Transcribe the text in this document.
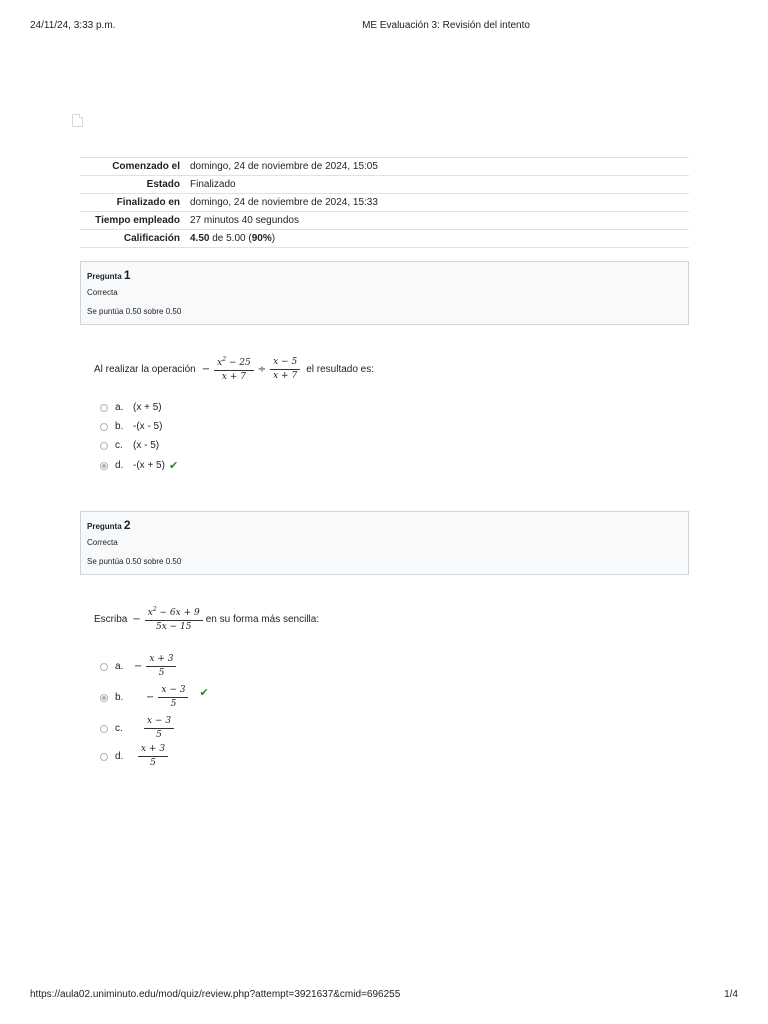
24/11/24, 3:33 p.m.	ME Evaluación 3: Revisión del intento
Comenzado el	domingo, 24 de noviembre de 2024, 15:05
Estado	Finalizado
Finalizado en	domingo, 24 de noviembre de 2024, 15:33
Tiempo empleado	27 minutos 40 segundos
Calificación	4.50 de 5.00 (90%)
Pregunta 1
Correcta
Se puntúa 0.50 sobre 0.50
Al realizar la operación − $\frac{x^2 - 25}{x + 7} \div \frac{x - 5}{x + 7}$ el resultado es:
a. (x + 5)
b. -(x - 5)
c.	(x - 5)
d. -(x + 5) ✔
Pregunta 2
Correcta
Se puntúa 0.50 sobre 0.50
Escriba − $\frac{x^2 - 6x + 9}{5x - 15}$ en su forma más sencilla:
a.	− $\frac{x + 3}{5}$
b.	− $\frac{x - 3}{5}$ ✔
c.	$\frac{x - 3}{5}$
d.	$\frac{x + 3}{5}$
https://aula02.uniminuto.edu/mod/quiz/review.php?attempt=3921637&cmid=696255	1/4
